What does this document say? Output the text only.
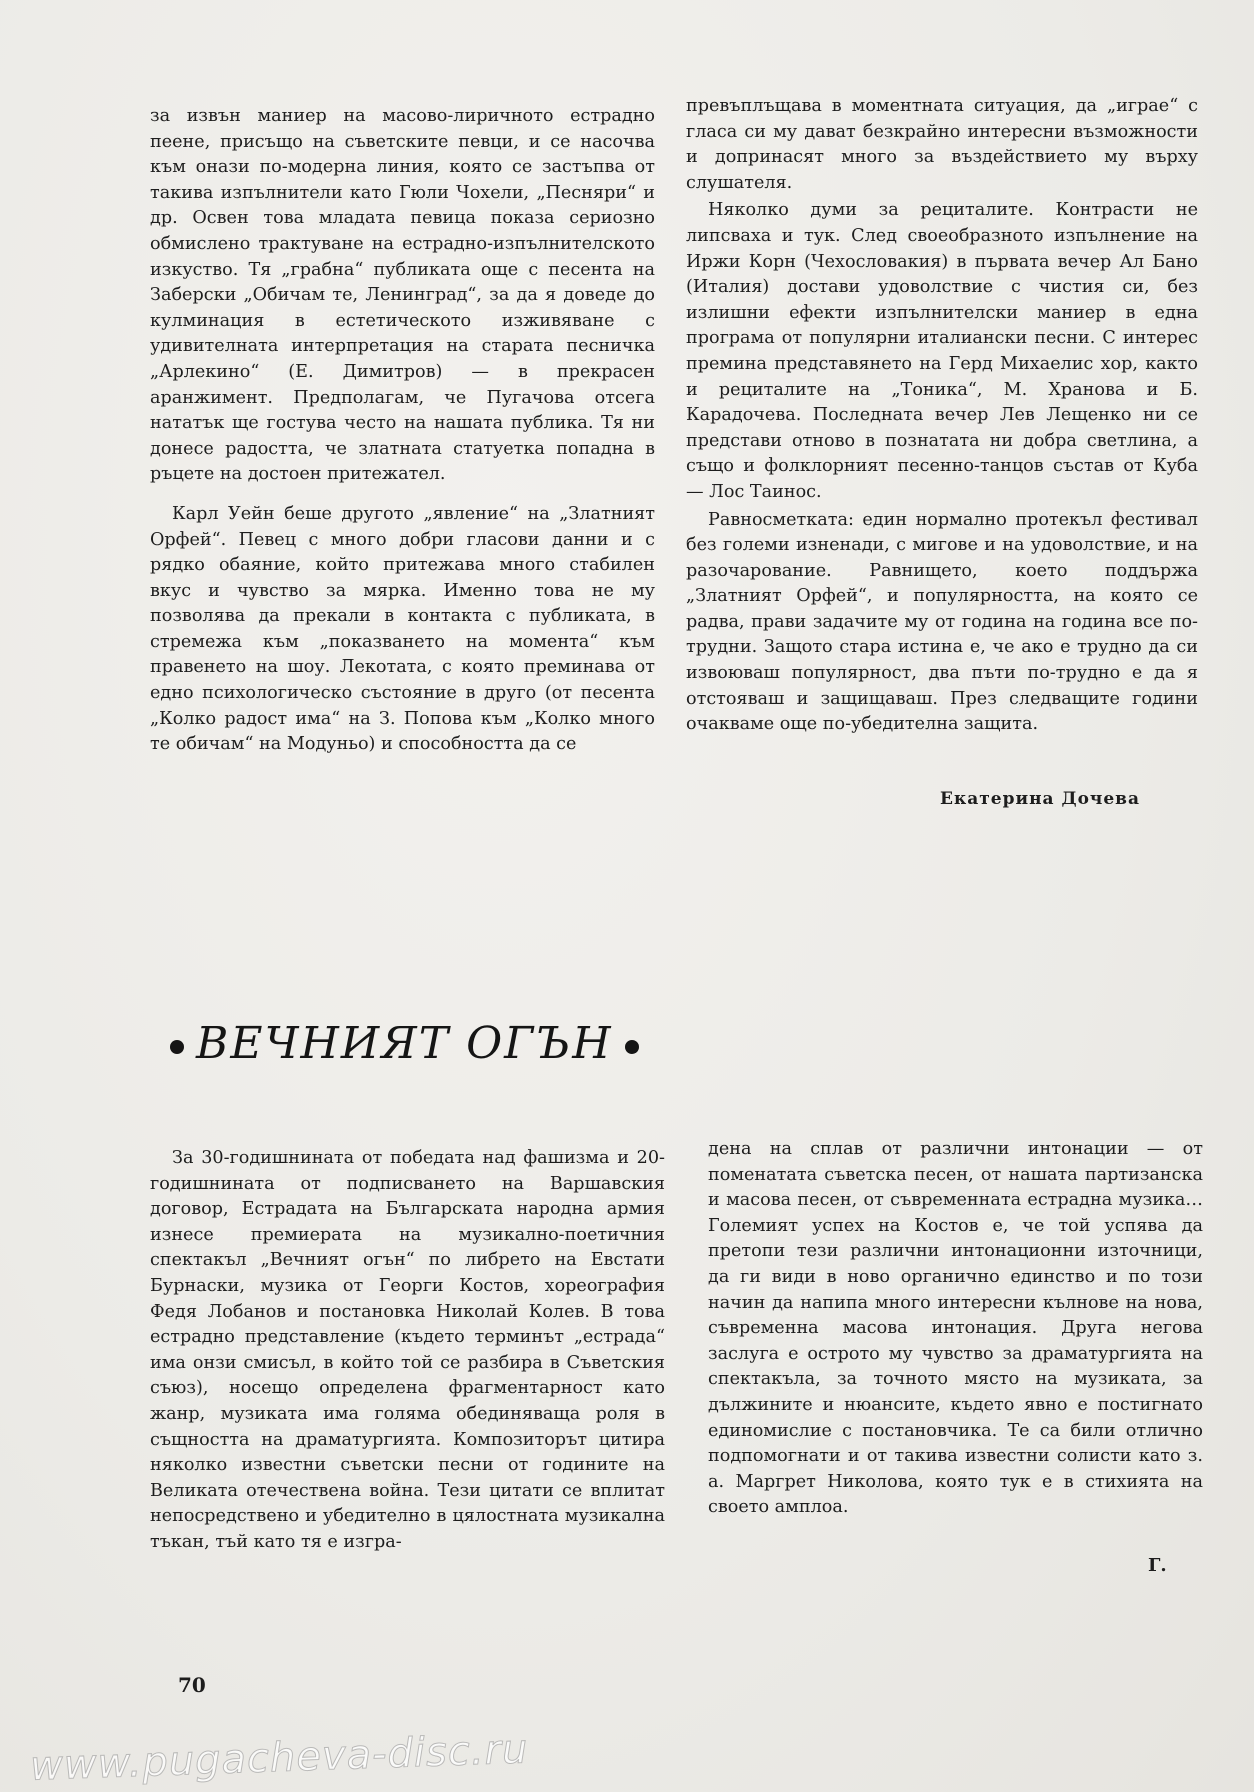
за извън маниер на масово-лиричното естрадно пеене, присъщо на съветските певци, и се насочва към онази по-модерна линия, която се застъпва от такива изпълнители като Гюли Чохели, „Песняри“ и др. Освен това младата певица показа сериозно обмислено трактуване на естрадно-изпълнителското изкуство. Тя „грабна“ публиката още с песента на Заберски „Обичам те, Ленинград“, за да я доведе до кулминация в естетическото изживяване с удивителната интерпретация на старата песничка „Арлекино“ (Е. Димитров) — в прекрасен аранжимент. Предполагам, че Пугачова отсега нататък ще гостува често на нашата публика. Тя ни донесе радостта, че златната статуетка попадна в ръцете на достоен притежател.

Карл Уейн беше другото „явление“ на „Златният Орфей“. Певец с много добри гласови данни и с рядко обаяние, който притежава много стабилен вкус и чувство за мярка. Именно това не му позволява да прекали в контакта с публиката, в стремежа към „показването на момента“ към правенето на шоу. Лекотата, с която преминава от едно психологическо състояние в друго (от песента „Колко радост има“ на З. Попова към „Колко много те обичам“ на Модуньо) и способността да се

превъплъщава в моментната ситуация, да „играе“ с гласа си му дават безкрайно интересни възможности и допринасят много за въздействието му върху слушателя.

Няколко думи за рециталите. Контрасти не липсваха и тук. След своеобразното изпълнение на Иржи Корн (Чехословакия) в първата вечер Ал Бано (Италия) достави удоволствие с чистия си, без излишни ефекти изпълнителски маниер в една програма от популярни италиански песни. С интерес премина представянето на Герд Михаелис хор, както и рециталите на „Тоника“, М. Хранова и Б. Карадочева. Последната вечер Лев Лещенко ни се представи отново в познатата ни добра светлина, а също и фолклорният песенно-танцов състав от Куба — Лос Таинос.

Равносметката: един нормално протекъл фестивал без големи изненади, с мигове и на удоволствие, и на разочарование. Равнището, което поддържа „Златният Орфей“, и популярността, на която се радва, прави задачите му от година на година все по-трудни. Защото стара истина е, че ако е трудно да си извоюваш популярност, два пъти по-трудно е да я отстояваш и защищаваш. През следващите години очакваме още по-убедителна защита.

Екатерина Дочева
ВЕЧНИЯТ ОГЪН

За 30-годишнината от победата над фашизма и 20-годишнината от подписването на Варшавския договор, Естрадата на Българската народна армия изнесе премиерата на музикално-поетичния спектакъл „Вечният огън“ по либрето на Евстати Бурнаски, музика от Георги Костов, хореография Федя Лобанов и постановка Николай Колев. В това естрадно представление (където терминът „естрада“ има онзи смисъл, в който той се разбира в Съветския съюз), носещо определена фрагментарност като жанр, музиката има голяма обединяваща роля в същността на драматургията. Композиторът цитира няколко известни съветски песни от годините на Великата отечествена война. Тези цитати се вплитат непосредствено и убедително в цялостната музикална тъкан, тъй като тя е изгра-

дена на сплав от различни интонации — от поменатата съветска песен, от нашата партизанска и масова песен, от съвременната естрадна музика… Големият успех на Костов е, че той успява да претопи тези различни интонационни източници, да ги види в ново органично единство и по този начин да напипа много интересни кълнове на нова, съвременна масова интонация. Друга негова заслуга е острото му чувство за драматургията на спектакъла, за точното място на музиката, за дължините и нюансите, където явно е постигнато единомислие с постановчика. Те са били отлично подпомогнати и от такива известни солисти като з. а. Маргрет Николова, която тук е в стихията на своето амплоа.

Г.
70
www.pugacheva-disc.ru
